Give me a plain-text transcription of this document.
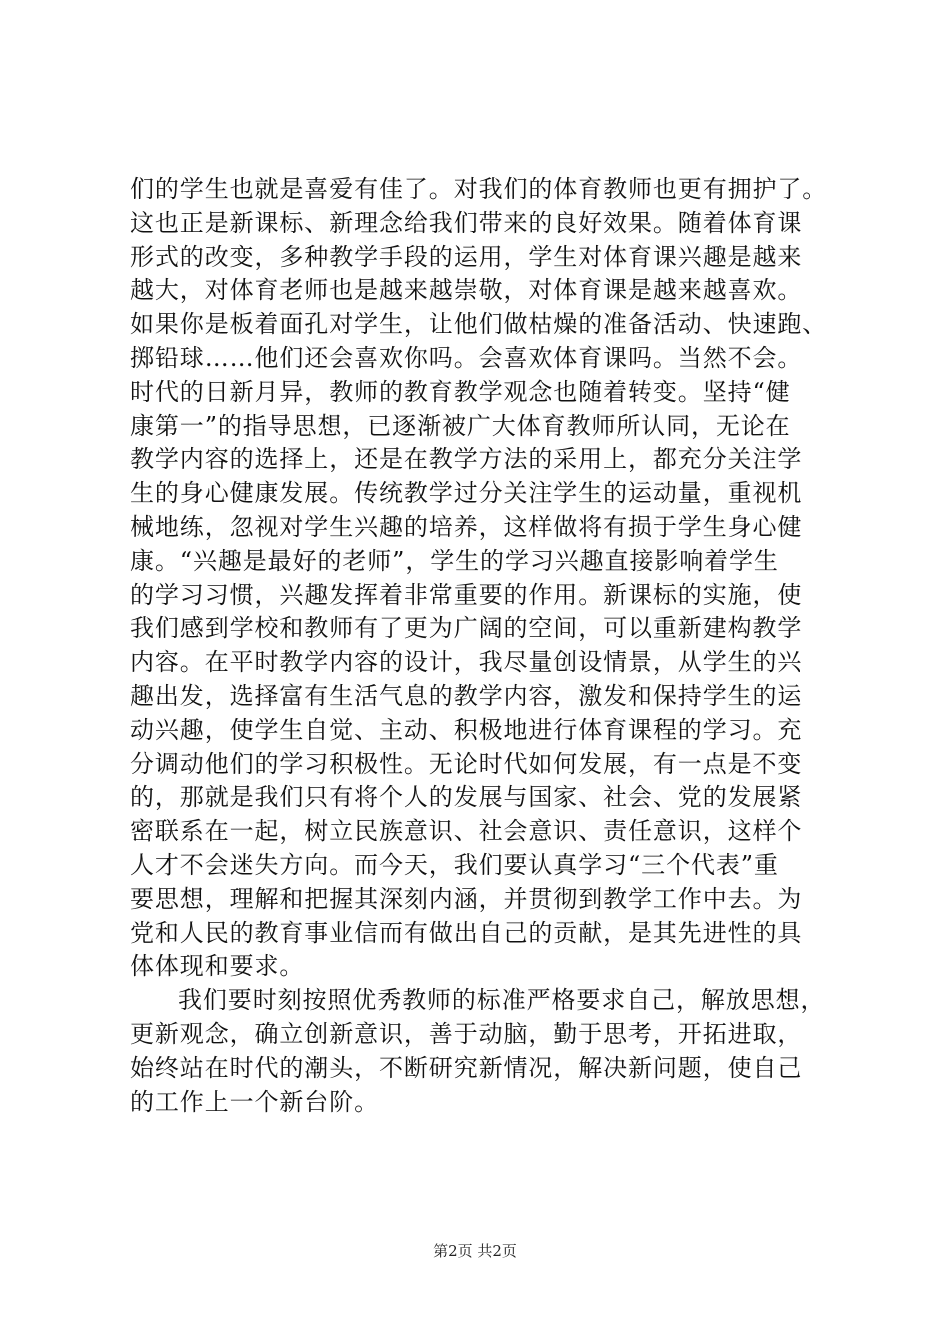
们的学生也就是喜爱有佳了。对我们的体育教师也更有拥护了。
这也正是新课标、新理念给我们带来的良好效果。随着体育课
形式的改变，多种教学手段的运用，学生对体育课兴趣是越来
越大，对体育老师也是越来越崇敬，对体育课是越来越喜欢。
如果你是板着面孔对学生，让他们做枯燥的准备活动、快速跑、
掷铅球……他们还会喜欢你吗。会喜欢体育课吗。当然不会。
时代的日新月异，教师的教育教学观念也随着转变。坚持“健
康第一”的指导思想，已逐渐被广大体育教师所认同，无论在
教学内容的选择上，还是在教学方法的采用上，都充分关注学
生的身心健康发展。传统教学过分关注学生的运动量，重视机
械地练，忽视对学生兴趣的培养，这样做将有损于学生身心健
康。“兴趣是最好的老师”，学生的学习兴趣直接影响着学生
的学习习惯，兴趣发挥着非常重要的作用。新课标的实施，使
我们感到学校和教师有了更为广阔的空间，可以重新建构教学
内容。在平时教学内容的设计，我尽量创设情景，从学生的兴
趣出发，选择富有生活气息的教学内容，激发和保持学生的运
动兴趣，使学生自觉、主动、积极地进行体育课程的学习。充
分调动他们的学习积极性。无论时代如何发展，有一点是不变
的，那就是我们只有将个人的发展与国家、社会、党的发展紧
密联系在一起，树立民族意识、社会意识、责任意识，这样个
人才不会迷失方向。而今天，我们要认真学习“三个代表”重
要思想，理解和把握其深刻内涵，并贯彻到教学工作中去。为
党和人民的教育事业信而有做出自己的贡献，是其先进性的具
体体现和要求。
我们要时刻按照优秀教师的标准严格要求自己，解放思想，
更新观念，确立创新意识，善于动脑，勤于思考，开拓进取，
始终站在时代的潮头，不断研究新情况，解决新问题，使自己
的工作上一个新台阶。
第2页 共2页
